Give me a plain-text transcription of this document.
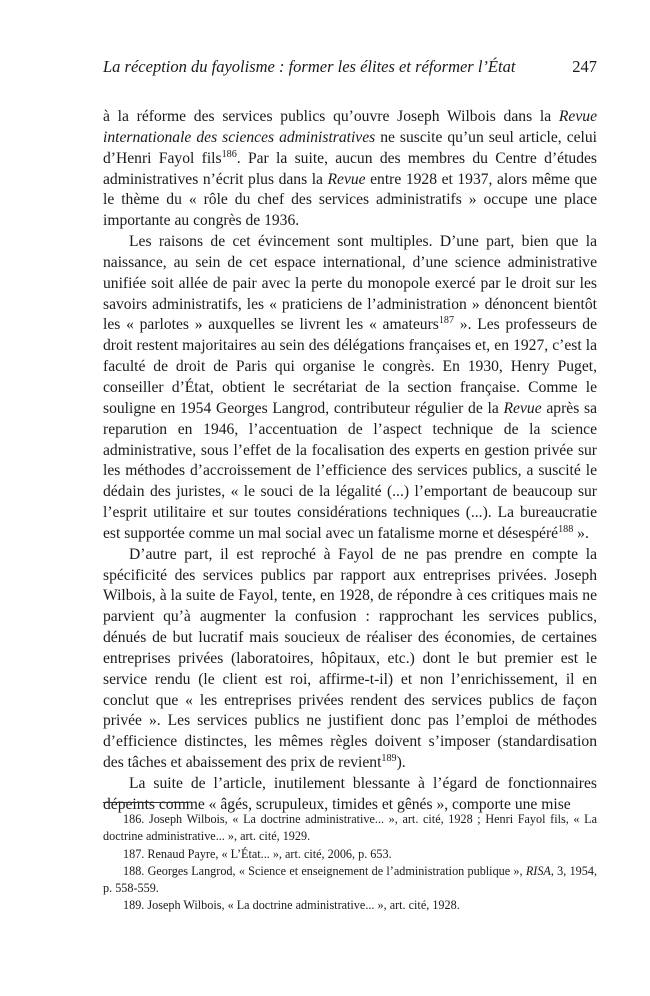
La réception du fayolisme : former les élites et réformer l’État	247

à la réforme des services publics qu’ouvre Joseph Wilbois dans la Revue internationale des sciences administratives ne suscite qu’un seul article, celui d’Henri Fayol fils$^{186}$. Par la suite, aucun des membres du Centre d’études administratives n’écrit plus dans la Revue entre 1928 et 1937, alors même que le thème du « rôle du chef des services administratifs » occupe une place importante au congrès de 1936.

Les raisons de cet évincement sont multiples. D’une part, bien que la naissance, au sein de cet espace international, d’une science administrative unifiée soit allée de pair avec la perte du monopole exercé par le droit sur les savoirs administratifs, les « praticiens de l’administration » dénoncent bientôt les « parlotes » auxquelles se livrent les « amateurs$^{187}$ ». Les professeurs de droit restent majoritaires au sein des délégations françaises et, en 1927, c’est la faculté de droit de Paris qui organise le congrès. En 1930, Henry Puget, conseiller d’État, obtient le secrétariat de la section française. Comme le souligne en 1954 Georges Langrod, contributeur régulier de la Revue après sa reparution en 1946, l’accentuation de l’aspect technique de la science administrative, sous l’effet de la focalisation des experts en gestion privée sur les méthodes d’accroissement de l’efficience des services publics, a suscité le dédain des juristes, « le souci de la légalité (...) l’emportant de beaucoup sur l’esprit utilitaire et sur toutes considérations techniques (...). La bureaucratie est supportée comme un mal social avec un fatalisme morne et désespéré$^{188}$ ».

D’autre part, il est reproché à Fayol de ne pas prendre en compte la spécificité des services publics par rapport aux entreprises privées. Joseph Wilbois, à la suite de Fayol, tente, en 1928, de répondre à ces critiques mais ne parvient qu’à augmenter la confusion : rapprochant les services publics, dénués de but lucratif mais soucieux de réaliser des économies, de certaines entreprises privées (laboratoires, hôpitaux, etc.) dont le but premier est le service rendu (le client est roi, affirme-t-il) et non l’enrichissement, il en conclut que « les entreprises privées rendent des services publics de façon privée ». Les services publics ne justifient donc pas l’emploi de méthodes d’efficience distinctes, les mêmes règles doivent s’imposer (standardisation des tâches et abaissement des prix de revient$^{189}$).

La suite de l’article, inutilement blessante à l’égard de fonctionnaires dépeints comme « âgés, scrupuleux, timides et gênés », comporte une mise

186. Joseph Wilbois, « La doctrine administrative... », art. cité, 1928 ; Henri Fayol fils, « La doctrine administrative... », art. cité, 1929.

187. Renaud Payre, « L’État... », art. cité, 2006, p. 653.

188. Georges Langrod, « Science et enseignement de l’administration publique », RISA, 3, 1954, p. 558-559.

189. Joseph Wilbois, « La doctrine administrative... », art. cité, 1928.
